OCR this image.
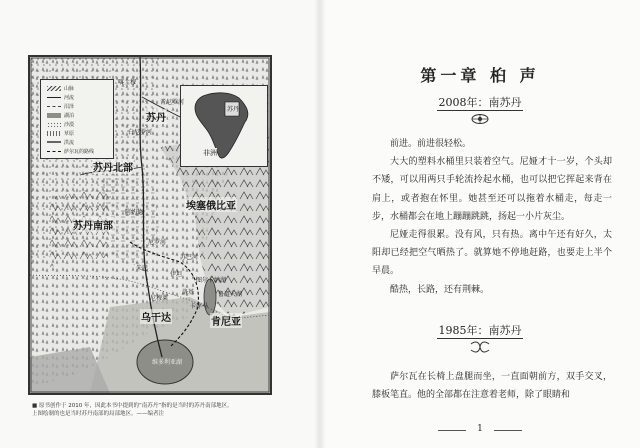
山脉
河流
沼泽
湖泊
沙漠
草原
洪流
萨尔瓦的路线
苏丹
非洲
苏丹
苏丹北部
苏丹南部
埃塞俄比亚
乌干达	肯尼亚
喀土穆
白尼罗河
青尼罗河
阿约德
尼罗河
朱巴
伊坦
洛基
卡库马
苏巴河
尼穆莱
图尔卡纳湖
维多利亚湖
鲁道夫湖
■ 原书创作于 2010 年，因此本书中提到的“南苏丹”指的是当时的苏丹南部地区。
上图绘制的也是当时苏丹南部的局部地区。——编者注
第一章 桕 声
2008年：南苏丹

前进。前进很轻松。

大大的塑料水桶里只装着空气。尼娅才十一岁，个头却不矮，可以用两只手轮流拎起水桶，也可以把它挥起来背在肩上，或者抱在怀里。她甚至还可以拖着水桶走，每走一步，水桶都会在地上蹦蹦跳跳，扬起一小片灰尘。

尼娅走得很累。没有风，只有热。离中午还有好久，太阳却已经把空气晒热了。就算她不停地赶路，也要走上半个早晨。

酷热，长路，还有荆棘。

1985年：南苏丹

萨尔瓦在长椅上盘腿而坐，一直面朝前方，双手交叉，膝板笔直。他的全部都在注意着老师，除了眼睛和

1
